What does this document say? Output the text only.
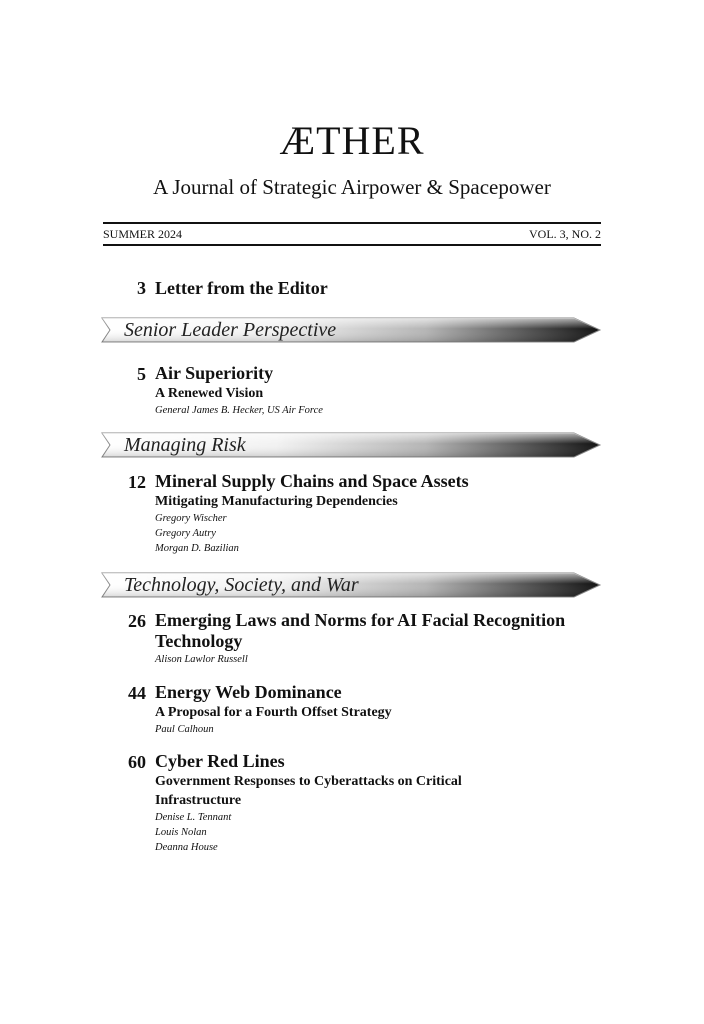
ÆTHER
A Journal of Strategic Airpower & Spacepower
SUMMER 2024	VOL. 3, NO. 2
3 Letter from the Editor
Senior Leader Perspective
5 Air Superiority
A Renewed Vision
General James B. Hecker, US Air Force
Managing Risk
12 Mineral Supply Chains and Space Assets
Mitigating Manufacturing Dependencies
Gregory Wischer
Gregory Autry
Morgan D. Bazilian
Technology, Society, and War
26 Emerging Laws and Norms for AI Facial Recognition
Technology
Alison Lawlor Russell
44 Energy Web Dominance
A Proposal for a Fourth Offset Strategy
Paul Calhoun
60 Cyber Red Lines
Government Responses to Cyberattacks on Critical
Infrastructure
Denise L. Tennant
Louis Nolan
Deanna House
